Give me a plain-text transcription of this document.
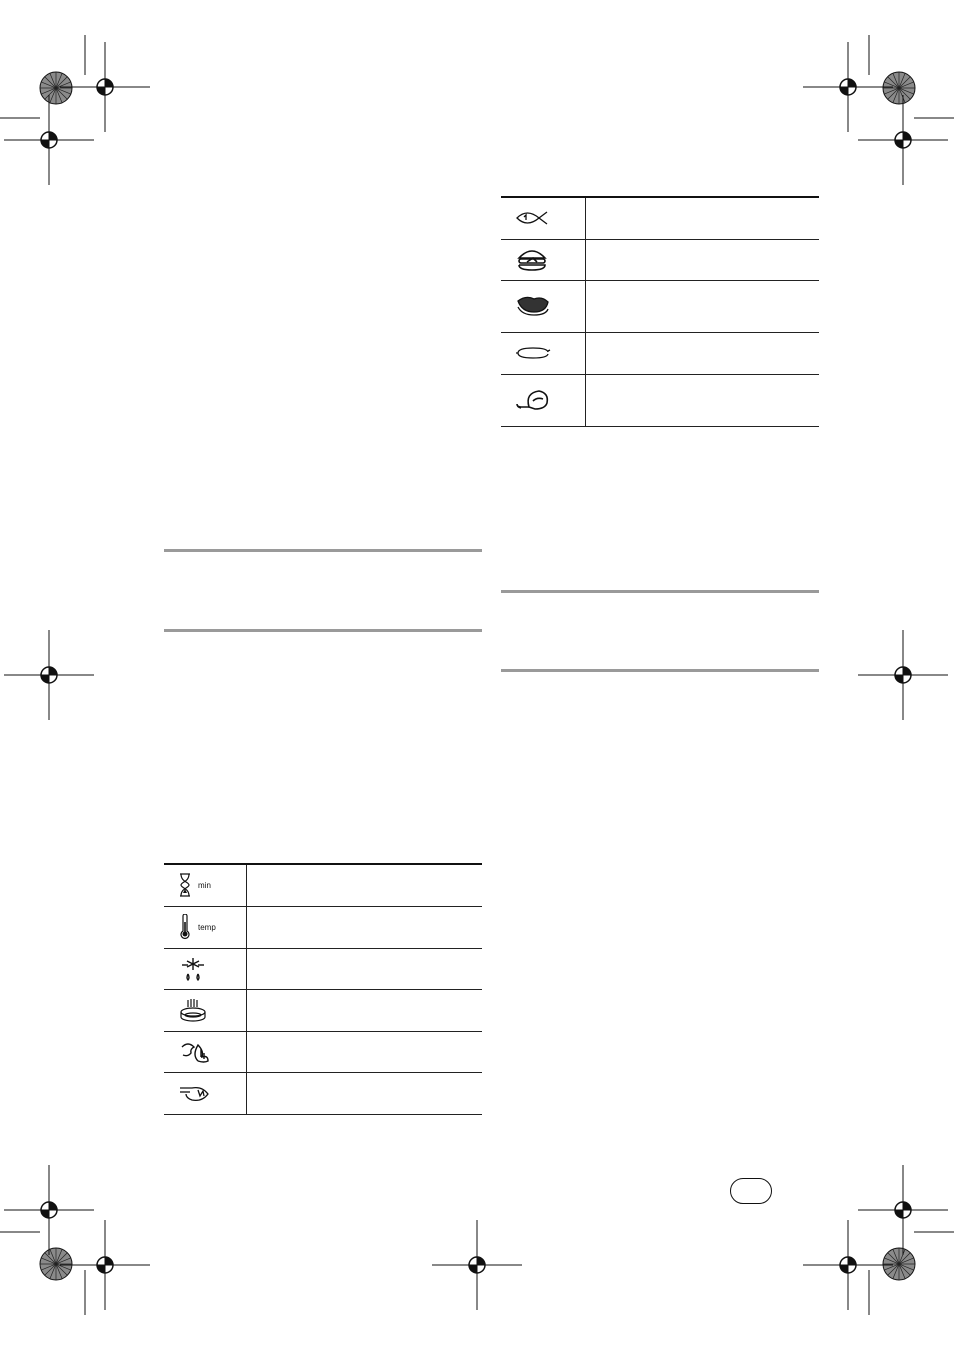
min	

temp	
